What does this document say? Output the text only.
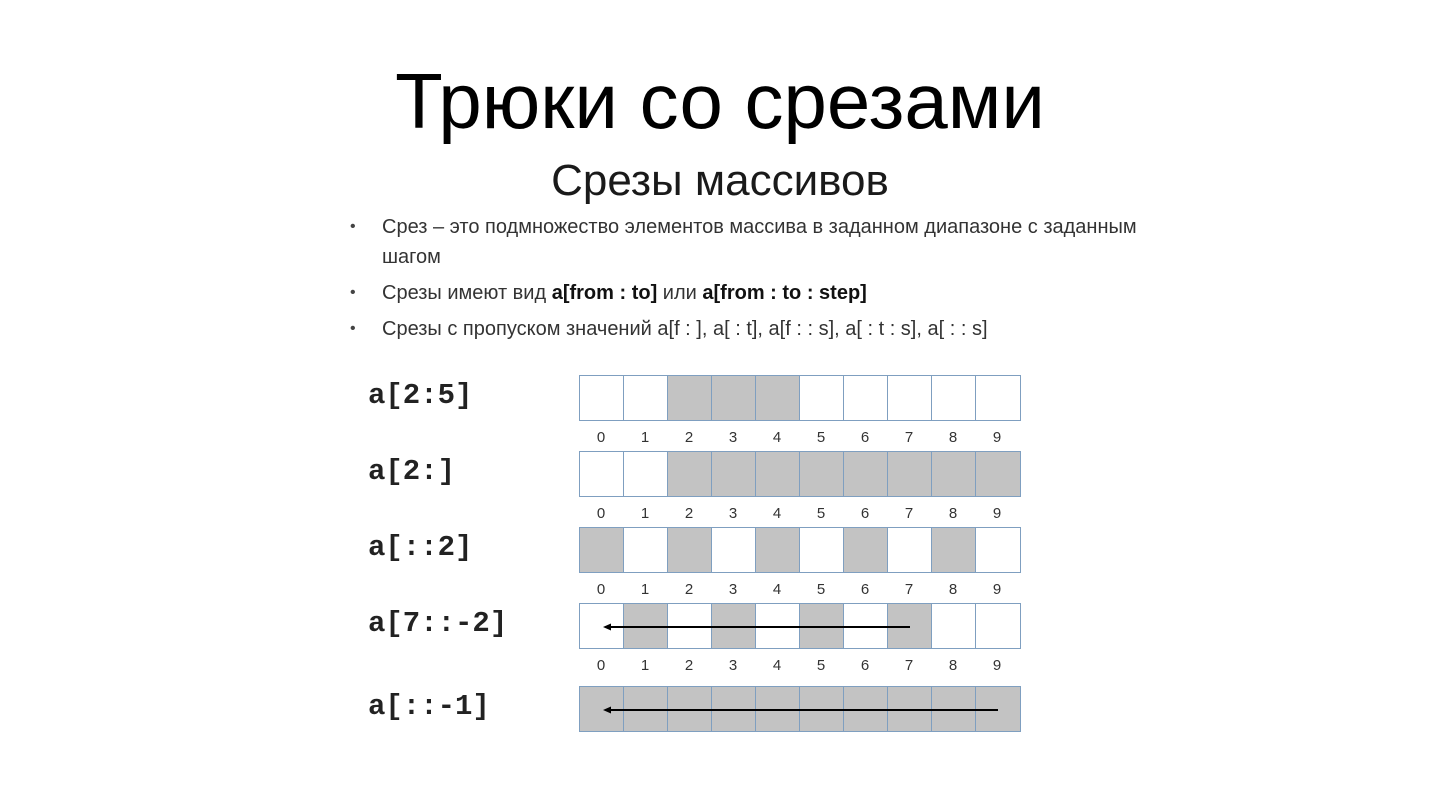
Трюки со срезами
Срезы массивов
• Срез – это подмножество элементов массива в заданном диапазоне с заданным шагом
• Срезы имеют вид a[from : to] или a[from : to : step]
• Срезы с пропуском значений a[f : ], a[ : t], a[f : : s], a[ : t : s], a[ : : s]
a[2:5]
0	1	2	3	4	5	6	7	8	9
a[2:]
0	1	2	3	4	5	6	7	8	9
a[::2]
0	1	2	3	4	5	6	7	8	9
a[7::-2]
0	1	2	3	4	5	6	7	8	9
a[::-1]
